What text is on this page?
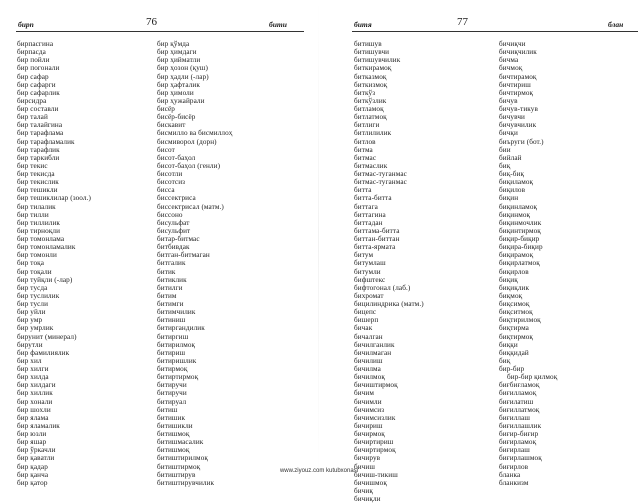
бирп	76	бити
бирпасгина
бирпасда
бир пойли
бир погонали
бир сафар
бир сафарги
бир сафарлик
бирсидра
бир составли
бир талай
бир талайгина
бир тарафлама
бир тарафламалик
бир тарафлик
бир таркибли
бир текис
бир текисда
бир текислик
бир тешикли
бир тешиклилар (зоол.)
бир тилалик
бир тилли
бир тиллилик
бир тирноқли
бир томонлама
бир томонламалик
бир томонли
бир тоқа
бир тоқали
бир туйқли (-лар)
бир тусда
бир туслилик
бир тусли
бир уйли
бир умр
бир умрлик
бирунит (минерал)
бирутли
бир фамилиялик
бир хил
бир хилги
бир хилда
бир хилдаги
бир хиллик
бир хонали
бир шохли
бир ялама
бир яламалик
бир юзли
бир яшар
бир ўркачли
бир қаватли
бир қадар
бир қанча
бир қатор
бир қўмда
бир ҳимдаги
бир ҳийматли
бир ҳозон (қуш)
бир ҳадли (-лар)
бир ҳафталик
бир ҳимоли
бир ҳужайрали
бисёр
бисёр-бисёр
бискавит
бисмилло ва бисмиллоҳ
бисмиворол (дорн)
бисот
бисот-баҳол
бисот-баҳол (генли)
бисотли
бисотсиз
бисса
биссектриса
биссектрисал (матм.)
биссоно
бисульфат
бисульфит
битар-битмас
битбивдак
битган-битмаган
битгалик
битик
битиклик
битилги
битим
битимги
битимчилик
битиниш
битиргандилик
битиргиш
битирилмоқ
битириш
битиришлик
битирмоқ
битиртирмоқ
битиручи
битиручи
битируал
битиш
битишик
битишикли
битишмоқ
битишмасалик
битишмоқ
битиштирилмоқ
битиштирмоқ
битиштирув
битиштирувчилик
битя	77	блан
битишув
битишувчи
битишувчилик
биткирамоқ
битказмоқ
биткизмоқ
биткўз
биткўзлик
битламоқ
битлатмоқ
битлиги
битлилилик
битлов
битма
битмас
битмаслик
битмас-туганмас
битмас-туганмас
битта
битта-битта
биттага
биттагина
биттадан
биттама-битта
биттан-биттан
битта-ярмата
битум
битумлаш
битумли
бифштекс
бифтогонал (лаб.)
бихромат
бицилиндрика (матм.)
бицепс
бишерп
бичак
бичалган
бичилганлик
бичилмаган
бичилиш
бичилма
бичилмоқ
бичиштирмоқ
бичим
бичимли
бичимсиз
бичимсизлик
бичириш
бичирмоқ
бичиртириш
бичиртирмоқ
бичирув
бичиш
бичиш-тикиш
бичишмоқ
бичиқ
бичиқли
бичиқчи
бичиқчилик
бичма
бичмоқ
бичтирамоқ
бичтириш
бичтирмоқ
бичув
бичув-тикув
бичувчи
бичувчилик
бичқи
биъруги (бот.)
бии
бийлай
биқ
биқ-биқ
биқиламоқ
биқилов
биқин
биқинламоқ
биқинмоқ
биқинмочлик
биқинтирмоқ
биқир-биқир
биқира-биқир
биқирамоқ
биқирлатмоқ
биқирлов
биқиқ
биқиқлик
биқмоқ
биқсимоқ
биқситмоқ
биқтирилмоқ
биқтирма
биқтирмоқ
биққи
биққидай
биқ
бир-бир
бир-бир қилмоқ
биғбиғламоқ
биғилламоқ
биғилатиш
биғиллатмоқ
биғиллаш
биғиллашлик
биғир-биғир
биғирламоқ
биғирлаш
биғирлашмоқ
биғирлов
бланка
бланкизм
www.ziyouz.com kutubxonasi
